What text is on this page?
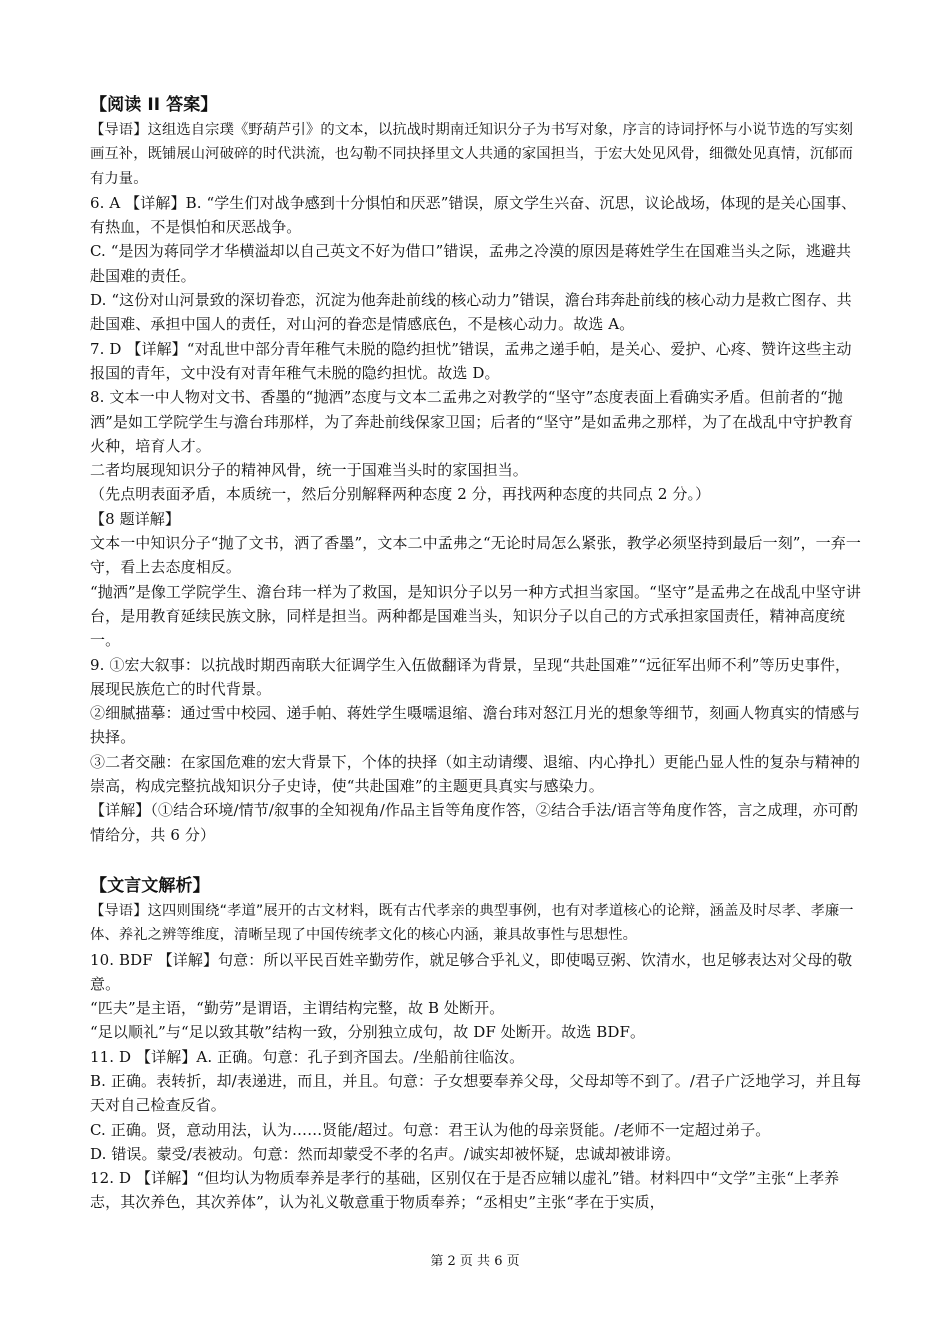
【阅读 II 答案】
【导语】这组选自宗璞《野葫芦引》的文本，以抗战时期南迁知识分子为书写对象，序言的诗词抒怀与小说节选的写实刻画互补，既铺展山河破碎的时代洪流，也勾勒不同抉择里文人共通的家国担当，于宏大处见风骨，细微处见真情，沉郁而有力量。

6. A 【详解】B. “学生们对战争感到十分惧怕和厌恶”错误，原文学生兴奋、沉思，议论战场，体现的是关心国事、有热血，不是惧怕和厌恶战争。

C. “是因为蒋同学才华横溢却以自己英文不好为借口”错误，孟弗之冷漠的原因是蒋姓学生在国难当头之际，逃避共赴国难的责任。

D. “这份对山河景致的深切眷恋，沉淀为他奔赴前线的核心动力”错误，澹台玮奔赴前线的核心动力是救亡图存、共赴国难、承担中国人的责任，对山河的眷恋是情感底色，不是核心动力。故选 A。

7. D 【详解】“对乱世中部分青年稚气未脱的隐约担忧”错误，孟弗之递手帕，是关心、爱护、心疼、赞许这些主动报国的青年，文中没有对青年稚气未脱的隐约担忧。故选 D。

8. 文本一中人物对文书、香墨的“抛洒”态度与文本二孟弗之对教学的“坚守”态度表面上看确实矛盾。但前者的“抛洒”是如工学院学生与澹台玮那样，为了奔赴前线保家卫国；后者的“坚守”是如孟弗之那样，为了在战乱中守护教育火种，培育人才。

二者均展现知识分子的精神风骨，统一于国难当头时的家国担当。

（先点明表面矛盾，本质统一，然后分别解释两种态度 2 分，再找两种态度的共同点 2 分。）

【8 题详解】

文本一中知识分子“抛了文书，洒了香墨”，文本二中孟弗之“无论时局怎么紧张，教学必须坚持到最后一刻”，一弃一守，看上去态度相反。

“抛洒”是像工学院学生、澹台玮一样为了救国，是知识分子以另一种方式担当家国。“坚守”是孟弗之在战乱中坚守讲台，是用教育延续民族文脉，同样是担当。两种都是国难当头，知识分子以自己的方式承担家国责任，精神高度统一。

9. ①宏大叙事：以抗战时期西南联大征调学生入伍做翻译为背景，呈现“共赴国难”“远征军出师不利”等历史事件，展现民族危亡的时代背景。

②细腻描摹：通过雪中校园、递手帕、蒋姓学生嗫嚅退缩、澹台玮对怒江月光的想象等细节，刻画人物真实的情感与抉择。

③二者交融：在家国危难的宏大背景下，个体的抉择（如主动请缨、退缩、内心挣扎）更能凸显人性的复杂与精神的崇高，构成完整抗战知识分子史诗，使“共赴国难”的主题更具真实与感染力。

【详解】（①结合环境/情节/叙事的全知视角/作品主旨等角度作答，②结合手法/语言等角度作答，言之成理，亦可酌情给分，共 6 分）

【文言文解析】
【导语】这四则围绕“孝道”展开的古文材料，既有古代孝亲的典型事例，也有对孝道核心的论辩，涵盖及时尽孝、孝廉一体、养礼之辨等维度，清晰呈现了中国传统孝文化的核心内涵，兼具故事性与思想性。

10. BDF 【详解】句意：所以平民百姓辛勤劳作，就足够合乎礼义，即使喝豆粥、饮清水，也足够表达对父母的敬意。

“匹夫”是主语，“勤劳”是谓语，主谓结构完整，故 B 处断开。

“足以顺礼”与“足以致其敬”结构一致，分别独立成句，故 DF 处断开。故选 BDF。

11. D 【详解】A. 正确。句意：孔子到齐国去。/坐船前往临汝。

B. 正确。表转折，却/表递进，而且，并且。句意：子女想要奉养父母，父母却等不到了。/君子广泛地学习，并且每天对自己检查反省。

C. 正确。贤，意动用法，认为……贤能/超过。句意：君王认为他的母亲贤能。/老师不一定超过弟子。

D. 错误。蒙受/表被动。句意：然而却蒙受不孝的名声。/诚实却被怀疑，忠诚却被诽谤。

12. D 【详解】“但均认为物质奉养是孝行的基础，区别仅在于是否应辅以虚礼”错。材料四中“文学”主张“上孝养志，其次养色，其次养体”，认为礼义敬意重于物质奉养；“丞相史”主张“孝在于实质，

第 2 页 共 6 页
